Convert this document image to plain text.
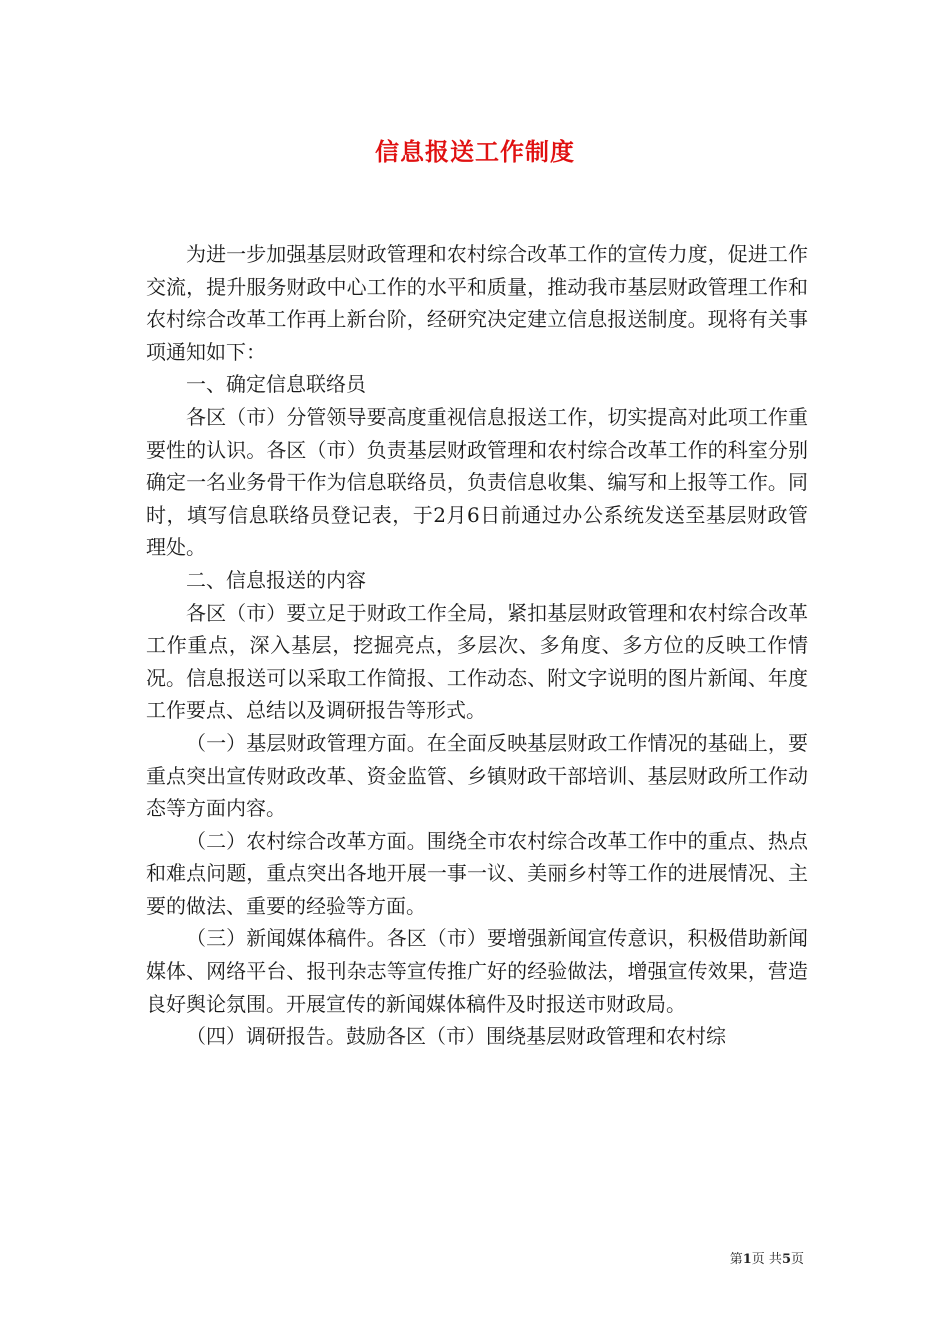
信息报送工作制度

为进一步加强基层财政管理和农村综合改革工作的宣传力度，促进工作交流，提升服务财政中心工作的水平和质量，推动我市基层财政管理工作和农村综合改革工作再上新台阶，经研究决定建立信息报送制度。现将有关事项通知如下：

一、确定信息联络员

各区（市）分管领导要高度重视信息报送工作，切实提高对此项工作重要性的认识。各区（市）负责基层财政管理和农村综合改革工作的科室分别确定一名业务骨干作为信息联络员，负责信息收集、编写和上报等工作。同时，填写信息联络员登记表，于2月6日前通过办公系统发送至基层财政管理处。

二、信息报送的内容

各区（市）要立足于财政工作全局，紧扣基层财政管理和农村综合改革工作重点，深入基层，挖掘亮点，多层次、多角度、多方位的反映工作情况。信息报送可以采取工作简报、工作动态、附文字说明的图片新闻、年度工作要点、总结以及调研报告等形式。

（一）基层财政管理方面。在全面反映基层财政工作情况的基础上，要重点突出宣传财政改革、资金监管、乡镇财政干部培训、基层财政所工作动态等方面内容。

（二）农村综合改革方面。围绕全市农村综合改革工作中的重点、热点和难点问题，重点突出各地开展一事一议、美丽乡村等工作的进展情况、主要的做法、重要的经验等方面。

（三）新闻媒体稿件。各区（市）要增强新闻宣传意识，积极借助新闻媒体、网络平台、报刊杂志等宣传推广好的经验做法，增强宣传效果，营造良好舆论氛围。开展宣传的新闻媒体稿件及时报送市财政局。

（四）调研报告。鼓励各区（市）围绕基层财政管理和农村综

第1页 共5页
